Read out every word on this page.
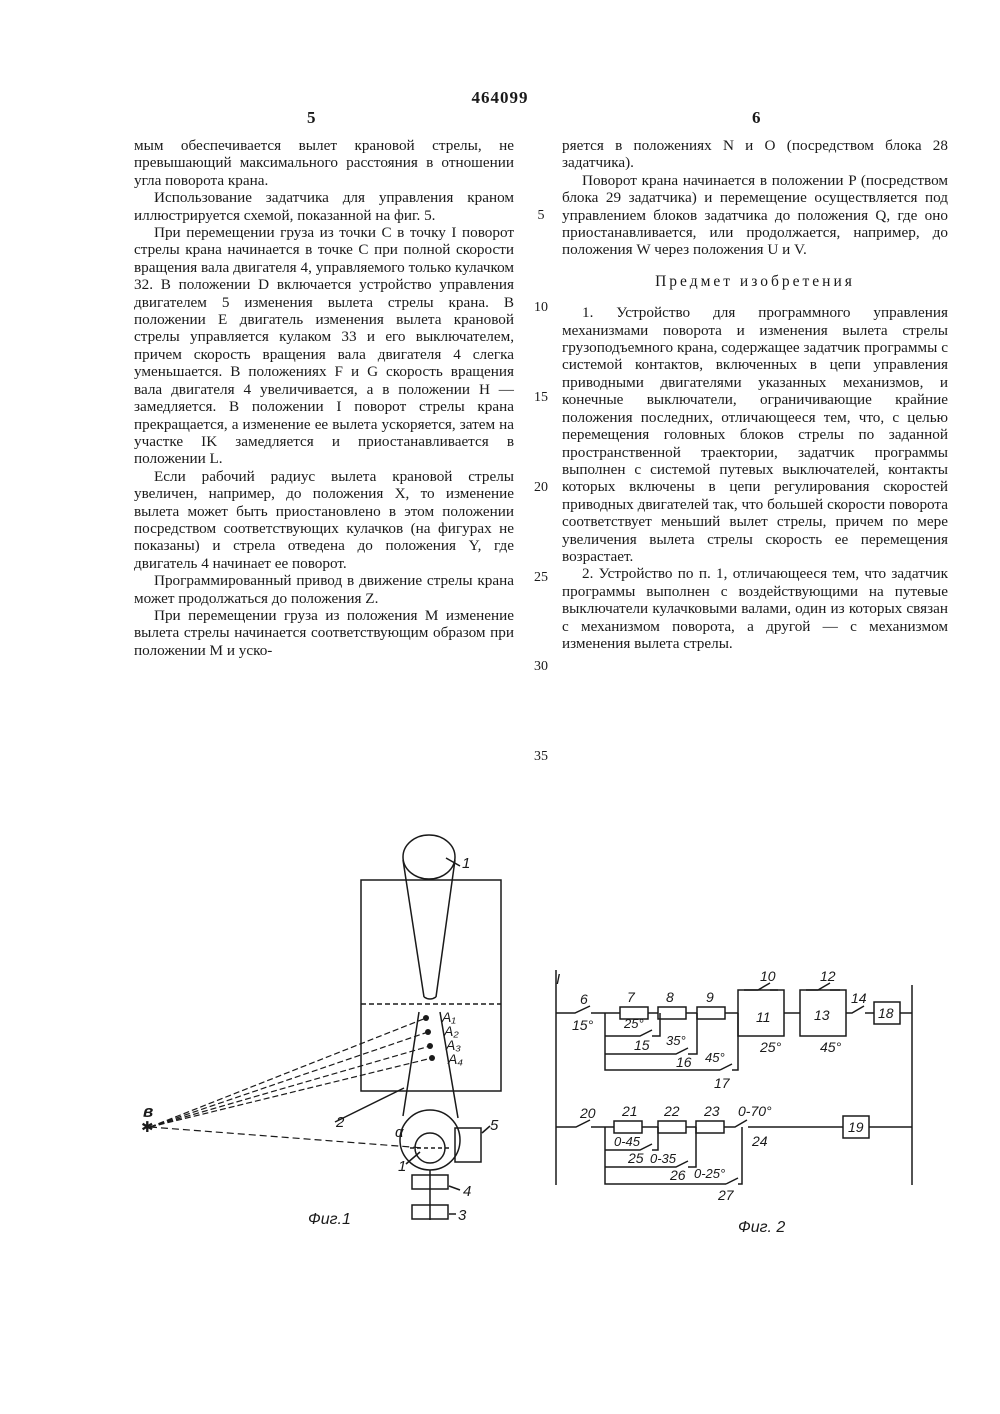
464099
5	6

мым обеспечивается вылет крановой стрелы, не превышающий максимального расстояния в отношении угла поворота крана.

Использование задатчика для управления краном иллюстрируется схемой, показанной на фиг. 5.

При перемещении груза из точки C в точку I поворот стрелы крана начинается в точке C при полной скорости вращения вала двигателя 4, управляемого только кулачком 32. В положении D включается устройство управления двигателем 5 изменения вылета стрелы крана. В положении E двигатель изменения вылета крановой стрелы управляется кулаком 33 и его выключателем, причем скорость вращения вала двигателя 4 слегка уменьшается. В положениях F и G скорость вращения вала двигателя 4 увеличивается, а в положении H — замедляется. В положении I поворот стрелы крана прекращается, а изменение ее вылета ускоряется, затем на участке IK замедляется и приостанавливается в положении L.

Если рабочий радиус вылета крановой стрелы увеличен, например, до положения X, то изменение вылета может быть приостановлено в этом положении посредством соответствующих кулачков (на фигурах не показаны) и стрела отведена до положения Y, где двигатель 4 начинает ее поворот.

Программированный привод в движение стрелы крана может продолжаться до положения Z.

При перемещении груза из положения M изменение вылета стрелы начинается соответствующим образом при положении M и уско-

ряется в положениях N и O (посредством блока 28 задатчика).

Поворот крана начинается в положении P (посредством блока 29 задатчика) и перемещение осуществляется под управлением блоков задатчика до положения Q, где оно приостанавливается, или продолжается, например, до положения W через положения U и V.

Предмет изобретения

1. Устройство для программного управления механизмами поворота и изменения вылета стрелы грузоподъемного крана, содержащее задатчик программы с системой контактов, включенных в цепи управления приводными двигателями указанных механизмов, и конечные выключатели, ограничивающие крайние положения последних, отличающееся тем, что, с целью перемещения головных блоков стрелы по заданной пространственной траектории, задатчик программы выполнен с системой путевых выключателей, контакты которых включены в цепи регулирования скоростей приводных двигателей так, что большей скорости поворота соответствует меньший вылет стрелы, причем по мере увеличения вылета стрелы скорость ее перемещения возрастает.

2. Устройство по п. 1, отличающееся тем, что задатчик программы выполнен с воздействующими на путевые выключатели кулачковыми валами, один из которых связан с механизмом поворота, а другой — с механизмом изменения вылета стрелы.

5
10
15
20
25
30
35
✱
в
1
A₁
A₂
A₃
A₄
2
α	5
1
4
3
Фиг.1
I
6	7 8 9
10
11
12
13
14
18
15° 25°
15 35°
16 45°
17
25°	45°
20 21 22 23 0-70°
24
19
0-45
25 0-35
26 0-25°
27
Фиг. 2
